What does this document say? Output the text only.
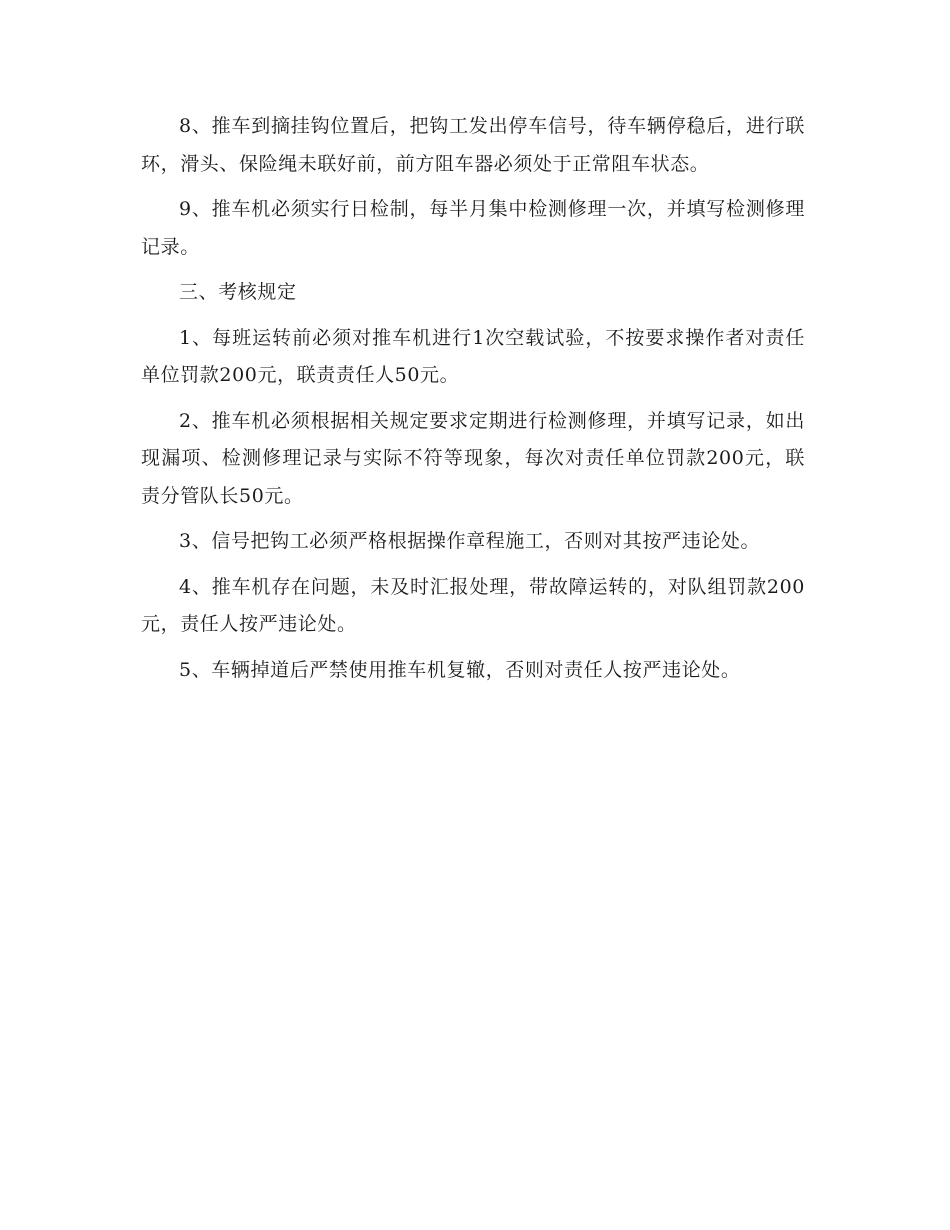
8、推车到摘挂钩位置后，把钩工发出停车信号，待车辆停稳后，进行联环，滑头、保险绳未联好前，前方阻车器必须处于正常阻车状态。

9、推车机必须实行日检制，每半月集中检测修理一次，并填写检测修理记录。

三、考核规定

1、每班运转前必须对推车机进行1次空载试验，不按要求操作者对责任单位罚款200元，联责责任人50元。

2、推车机必须根据相关规定要求定期进行检测修理，并填写记录，如出现漏项、检测修理记录与实际不符等现象，每次对责任单位罚款200元，联责分管队长50元。

3、信号把钩工必须严格根据操作章程施工，否则对其按严违论处。

4、推车机存在问题，未及时汇报处理，带故障运转的，对队组罚款200元，责任人按严违论处。

5、车辆掉道后严禁使用推车机复辙，否则对责任人按严违论处。
